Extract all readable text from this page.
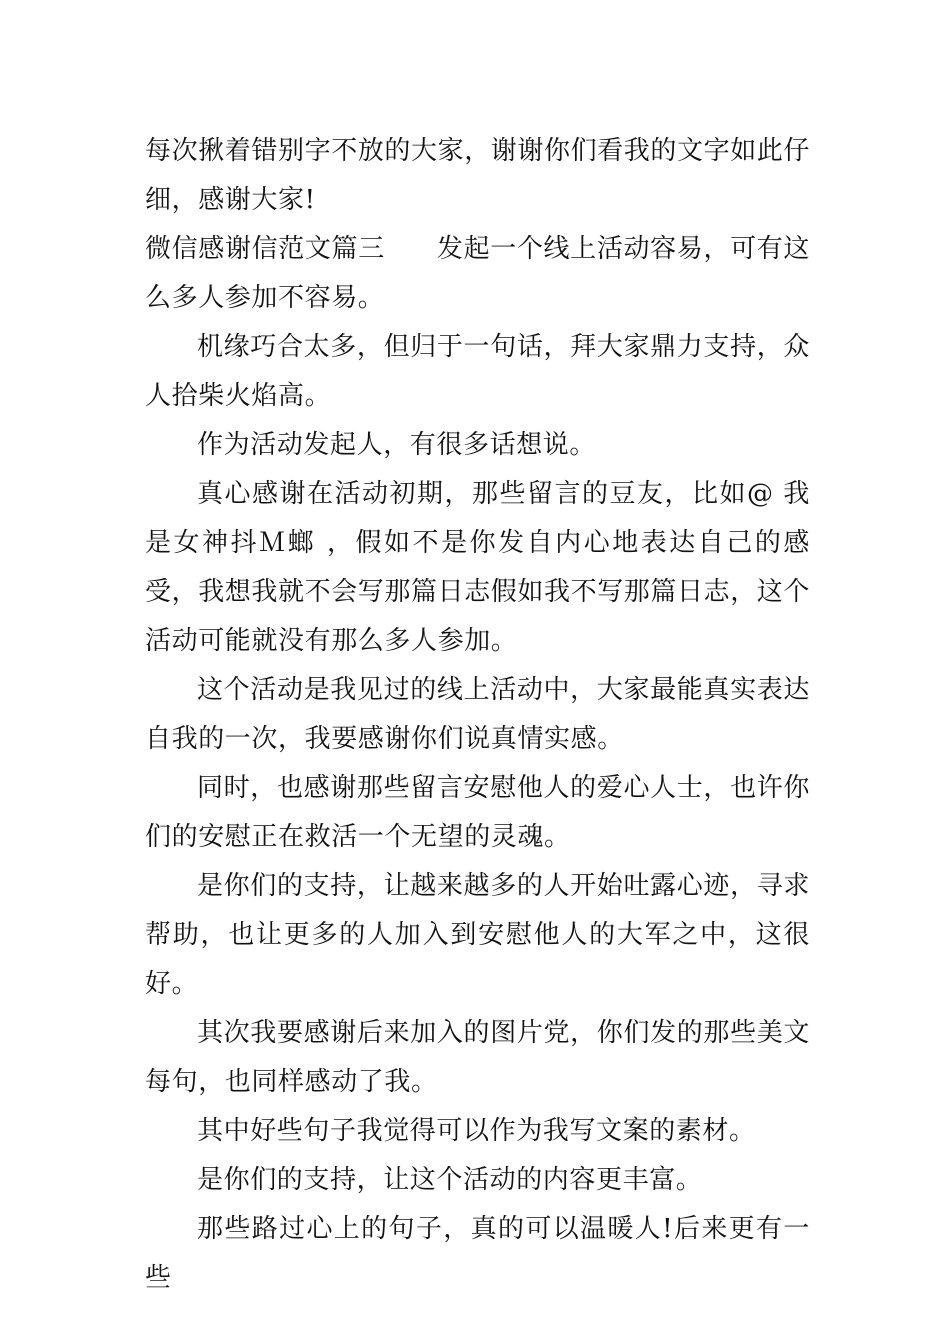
每次揪着错别字不放的大家，谢谢你们看我的文字如此仔细，感谢大家!

微信感谢信范文篇三 发起一个线上活动容易，可有这么多人参加不容易。

机缘巧合太多，但归于一句话，拜大家鼎力支持，众人拾柴火焰高。

作为活动发起人，有很多话想说。

真心感谢在活动初期，那些留言的豆友，比如@ 我是女神抖Ｍ螂 ，假如不是你发自内心地表达自己的感受，我想我就不会写那篇日志假如我不写那篇日志，这个活动可能就没有那么多人参加。

这个活动是我见过的线上活动中，大家最能真实表达自我的一次，我要感谢你们说真情实感。

同时，也感谢那些留言安慰他人的爱心人士，也许你们的安慰正在救活一个无望的灵魂。

是你们的支持，让越来越多的人开始吐露心迹，寻求帮助，也让更多的人加入到安慰他人的大军之中，这很好。

其次我要感谢后来加入的图片党，你们发的那些美文每句，也同样感动了我。

其中好些句子我觉得可以作为我写文案的素材。

是你们的支持，让这个活动的内容更丰富。

那些路过心上的句子，真的可以温暖人!后来更有一些
